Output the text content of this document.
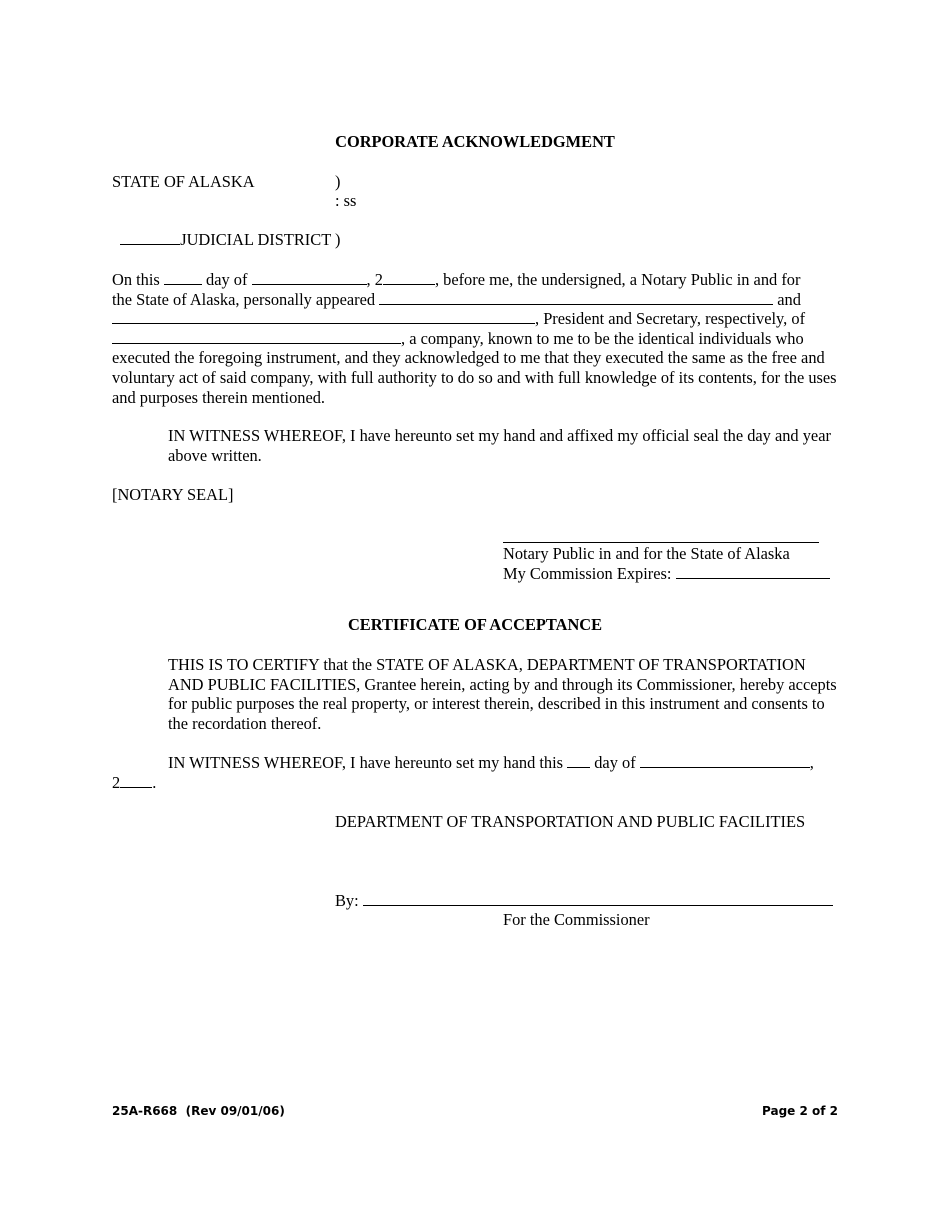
CORPORATE ACKNOWLEDGMENT
STATE OF ALASKA	)
: ss

JUDICIAL DISTRICT )

On this  day of	, 2	, before me, the undersigned, a Notary Public in and for
the State of Alaska, personally appeared	and
, President and Secretary, respectively, of
, a company, known to me to be the identical individuals who
executed the foregoing instrument, and they acknowledged to me that they executed the same as the free and voluntary act of said company, with full authority to do so and with full knowledge of its contents, for the uses and purposes therein mentioned.
IN WITNESS WHEREOF, I have hereunto set my hand and affixed my official seal the day and year above written.
[NOTARY SEAL]
Notary Public in and for the State of Alaska
My Commission Expires:
CERTIFICATE OF ACCEPTANCE
THIS IS TO CERTIFY that the STATE OF ALASKA, DEPARTMENT OF TRANSPORTATION AND PUBLIC FACILITIES, Grantee herein, acting by and through its Commissioner, hereby accepts for public purposes the real property, or interest therein, described in this instrument and consents to the recordation thereof.
IN WITNESS WHEREOF, I have hereunto set my hand this  day of	,
2 .
DEPARTMENT OF TRANSPORTATION AND PUBLIC FACILITIES
By:
For the Commissioner
25A-R668  (Rev 09/01/06)	Page 2 of 2
